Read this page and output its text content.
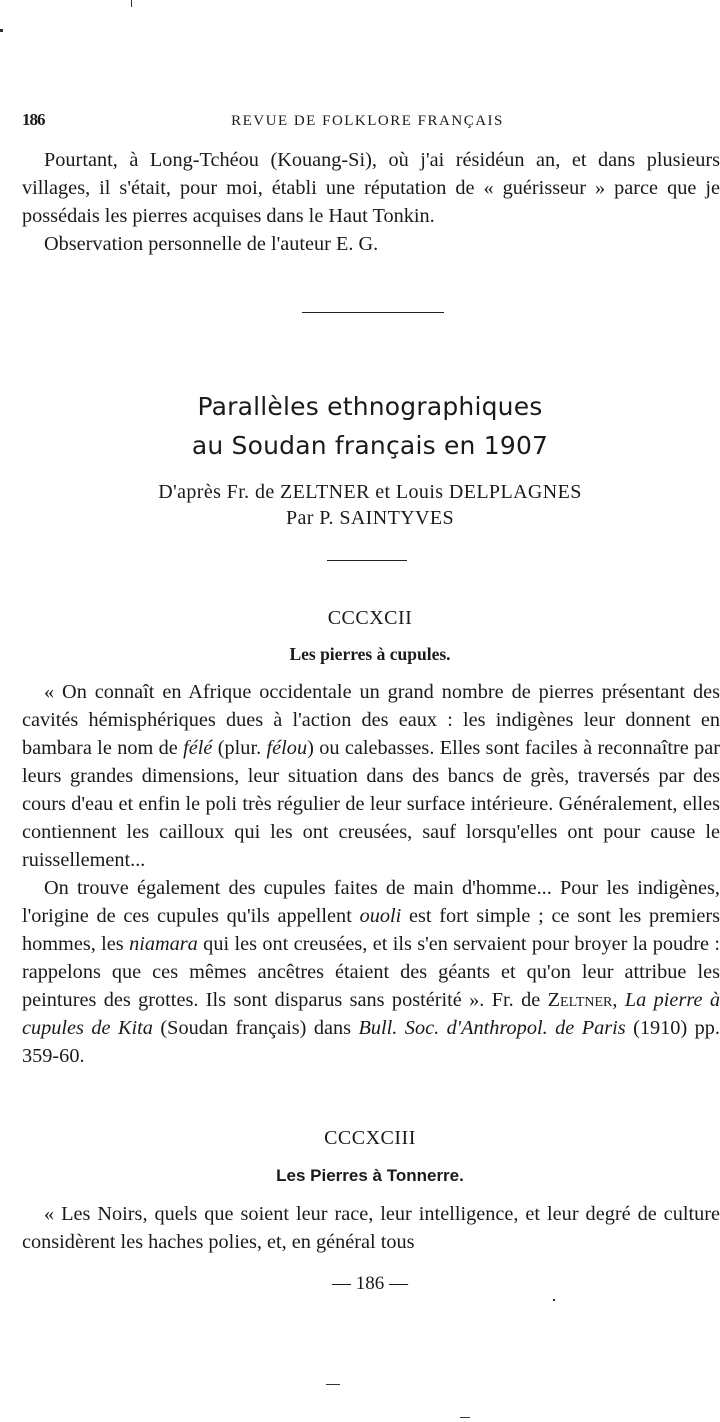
186	REVUE DE FOLKLORE FRANÇAIS

Pourtant, à Long-Tchéou (Kouang-Si), où j'ai résidéun an, et dans plusieurs villages, il s'était, pour moi, établi une réputation de « guérisseur » parce que je possédais les pierres acquises dans le Haut Tonkin.

Observation personnelle de l'auteur E. G.

Parallèles ethnographiques
au Soudan français en 1907
D'après Fr. de ZELTNER et Louis DELPLAGNES
Par P. SAINTYVES
CCCXCII
Les pierres à cupules.

« On connaît en Afrique occidentale un grand nombre de pierres présentant des cavités hémisphériques dues à l'action des eaux : les indigènes leur donnent en bambara le nom de félé (plur. félou) ou calebasses. Elles sont faciles à reconnaître par leurs grandes dimensions, leur situation dans des bancs de grès, traversés par des cours d'eau et enfin le poli très régulier de leur surface intérieure. Généralement, elles contiennent les cailloux qui les ont creusées, sauf lorsqu'elles ont pour cause le ruissellement...

On trouve également des cupules faites de main d'homme... Pour les indigènes, l'origine de ces cupules qu'ils appellent ouoli est fort simple ; ce sont les premiers hommes, les niamara qui les ont creusées, et ils s'en servaient pour broyer la poudre : rappelons que ces mêmes ancêtres étaient des géants et qu'on leur attribue les peintures des grottes. Ils sont disparus sans postérité ». Fr. de Zeltner, La pierre à cupules de Kita (Soudan français) dans Bull. Soc. d'Anthropol. de Paris (1910) pp. 359-60.

CCCXCIII
Les Pierres à Tonnerre.

« Les Noirs, quels que soient leur race, leur intelligence, et leur degré de culture considèrent les haches polies, et, en général tous

— 186 —
